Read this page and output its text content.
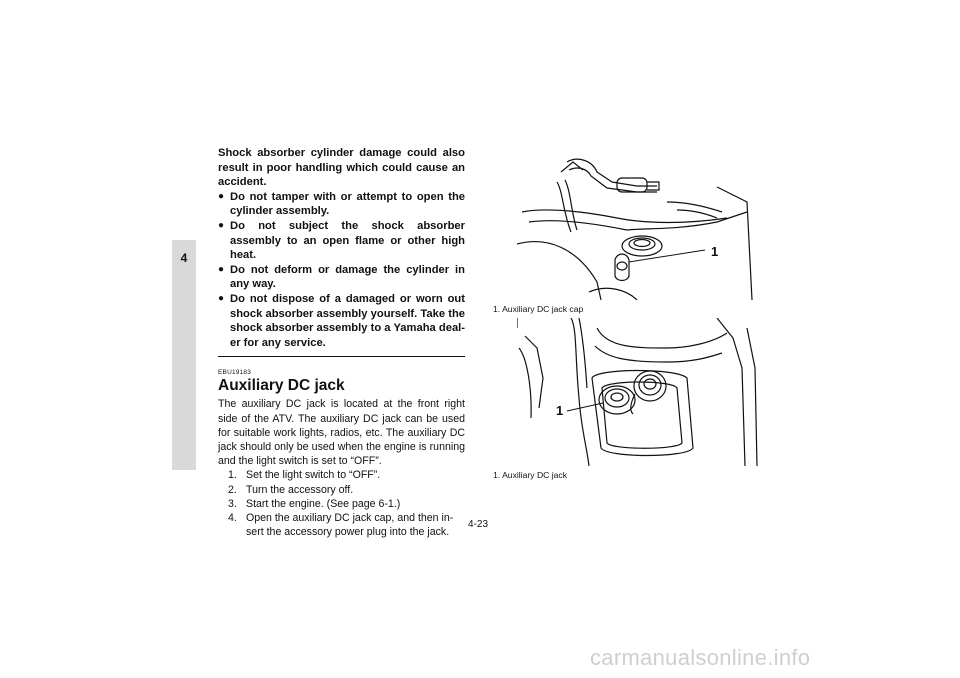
4

Shock absorber cylinder damage could also result in poor handling which could cause an accident.

● Do not tamper with or attempt to open the cylinder assembly.
● Do not subject the shock absorber assembly to an open flame or other high heat.
● Do not deform or damage the cylinder in any way.
● Do not dispose of a damaged or worn out shock absorber assembly yourself. Take the shock absorber assembly to a Yamaha deal-er for any service.
EBU19183
Auxiliary DC jack

The auxiliary DC jack is located at the front right side of the ATV. The auxiliary DC jack can be used for suitable work lights, radios, etc. The auxiliary DC jack should only be used when the engine is running and the light switch is set to “OFF”.

1. Set the light switch to “OFF”.
2. Turn the accessory off.
3. Start the engine. (See page 6-1.)
4. Open the auxiliary DC jack cap, and then in-sert the accessory power plug into the jack.
1
1. Auxiliary DC jack cap
1
1. Auxiliary DC jack
4-23
carmanualsonline.info
